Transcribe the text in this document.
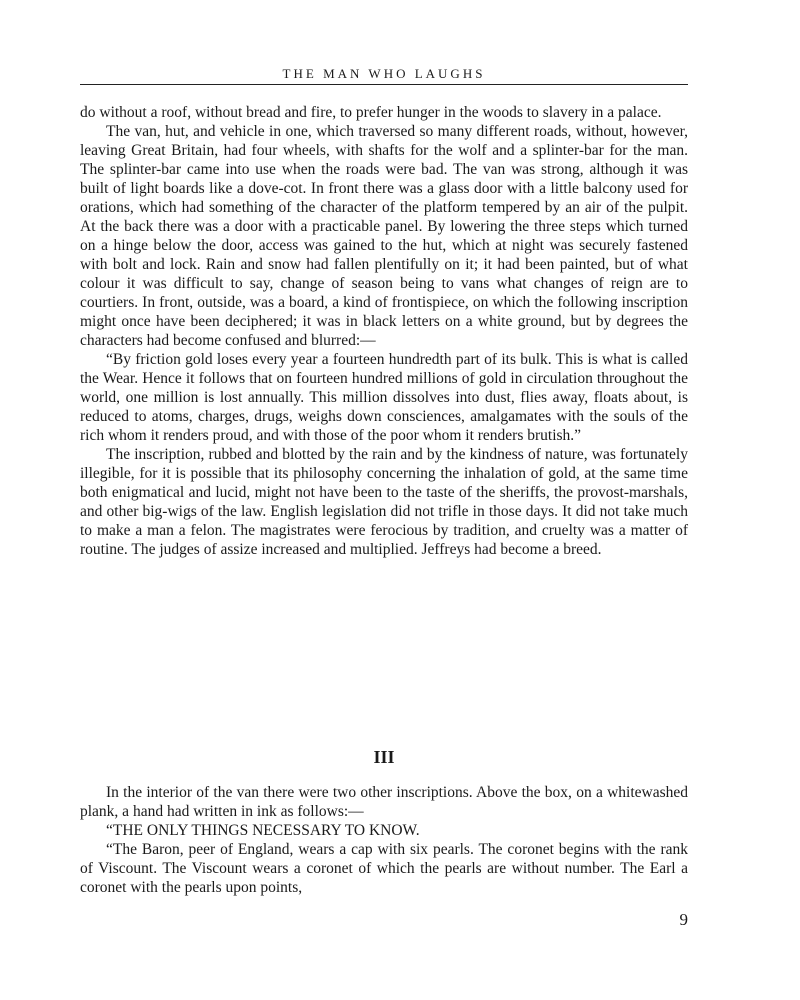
THE MAN WHO LAUGHS

do without a roof, without bread and fire, to prefer hunger in the woods to slavery in a palace.

The van, hut, and vehicle in one, which traversed so many different roads, without, however, leaving Great Britain, had four wheels, with shafts for the wolf and a splinter-bar for the man. The splinter-bar came into use when the roads were bad. The van was strong, although it was built of light boards like a dove-cot. In front there was a glass door with a little balcony used for orations, which had something of the character of the platform tempered by an air of the pulpit. At the back there was a door with a practicable panel. By lowering the three steps which turned on a hinge below the door, access was gained to the hut, which at night was securely fastened with bolt and lock. Rain and snow had fallen plentifully on it; it had been painted, but of what colour it was difficult to say, change of season being to vans what changes of reign are to courtiers. In front, outside, was a board, a kind of frontispiece, on which the following inscription might once have been deciphered; it was in black letters on a white ground, but by degrees the characters had become confused and blurred:—

“By friction gold loses every year a fourteen hundredth part of its bulk. This is what is called the Wear. Hence it follows that on fourteen hundred millions of gold in circulation throughout the world, one million is lost annually. This million dissolves into dust, flies away, floats about, is reduced to atoms, charges, drugs, weighs down consciences, amalgamates with the souls of the rich whom it renders proud, and with those of the poor whom it renders brutish.”

The inscription, rubbed and blotted by the rain and by the kindness of nature, was fortunately illegible, for it is possible that its philosophy concerning the inhalation of gold, at the same time both enigmatical and lucid, might not have been to the taste of the sheriffs, the provost-marshals, and other big-wigs of the law. English legislation did not trifle in those days. It did not take much to make a man a felon. The magistrates were ferocious by tradition, and cruelty was a matter of routine. The judges of assize increased and multiplied. Jeffreys had become a breed.

III

In the interior of the van there were two other inscriptions. Above the box, on a whitewashed plank, a hand had written in ink as follows:—

“THE ONLY THINGS NECESSARY TO KNOW.

“The Baron, peer of England, wears a cap with six pearls. The coronet begins with the rank of Viscount. The Viscount wears a coronet of which the pearls are without number. The Earl a coronet with the pearls upon points,

9
